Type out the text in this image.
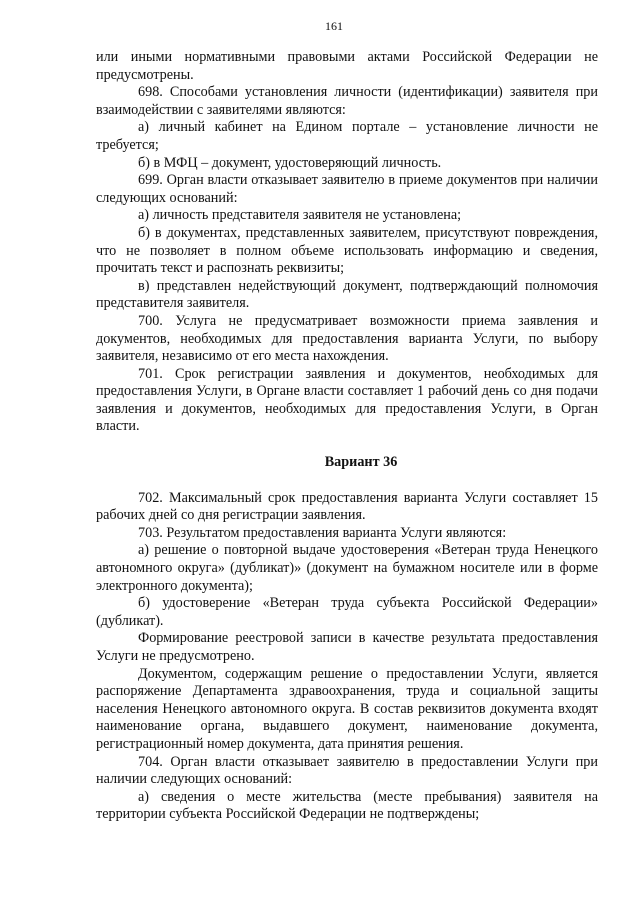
161

или иными нормативными правовыми актами Российской Федерации не предусмотрены.

698. Способами установления личности (идентификации) заявителя при взаимодействии с заявителями являются:

а) личный кабинет на Едином портале – установление личности не требуется;

б) в МФЦ – документ, удостоверяющий личность.

699. Орган власти отказывает заявителю в приеме документов при наличии следующих оснований:

а) личность представителя заявителя не установлена;

б) в документах, представленных заявителем, присутствуют повреждения, что не позволяет в полном объеме использовать информацию и сведения, прочитать текст и распознать реквизиты;

в) представлен недействующий документ, подтверждающий полномочия представителя заявителя.

700. Услуга не предусматривает возможности приема заявления и документов, необходимых для предоставления варианта Услуги, по выбору заявителя, независимо от его места нахождения.

701. Срок регистрации заявления и документов, необходимых для предоставления Услуги, в Органе власти составляет 1 рабочий день со дня подачи заявления и документов, необходимых для предоставления Услуги, в Орган власти.

Вариант 36

702. Максимальный срок предоставления варианта Услуги составляет 15 рабочих дней со дня регистрации заявления.

703. Результатом предоставления варианта Услуги являются:

а) решение о повторной выдаче удостоверения «Ветеран труда Ненецкого автономного округа» (дубликат)» (документ на бумажном носителе или в форме электронного документа);

б) удостоверение «Ветеран труда субъекта Российской Федерации» (дубликат).

Формирование реестровой записи в качестве результата предоставления Услуги не предусмотрено.

Документом, содержащим решение о предоставлении Услуги, является распоряжение Департамента здравоохранения, труда и социальной защиты населения Ненецкого автономного округа. В состав реквизитов документа входят наименование органа, выдавшего документ, наименование документа, регистрационный номер документа, дата принятия решения.

704. Орган власти отказывает заявителю в предоставлении Услуги при наличии следующих оснований:

а) сведения о месте жительства (месте пребывания) заявителя на территории субъекта Российской Федерации не подтверждены;
